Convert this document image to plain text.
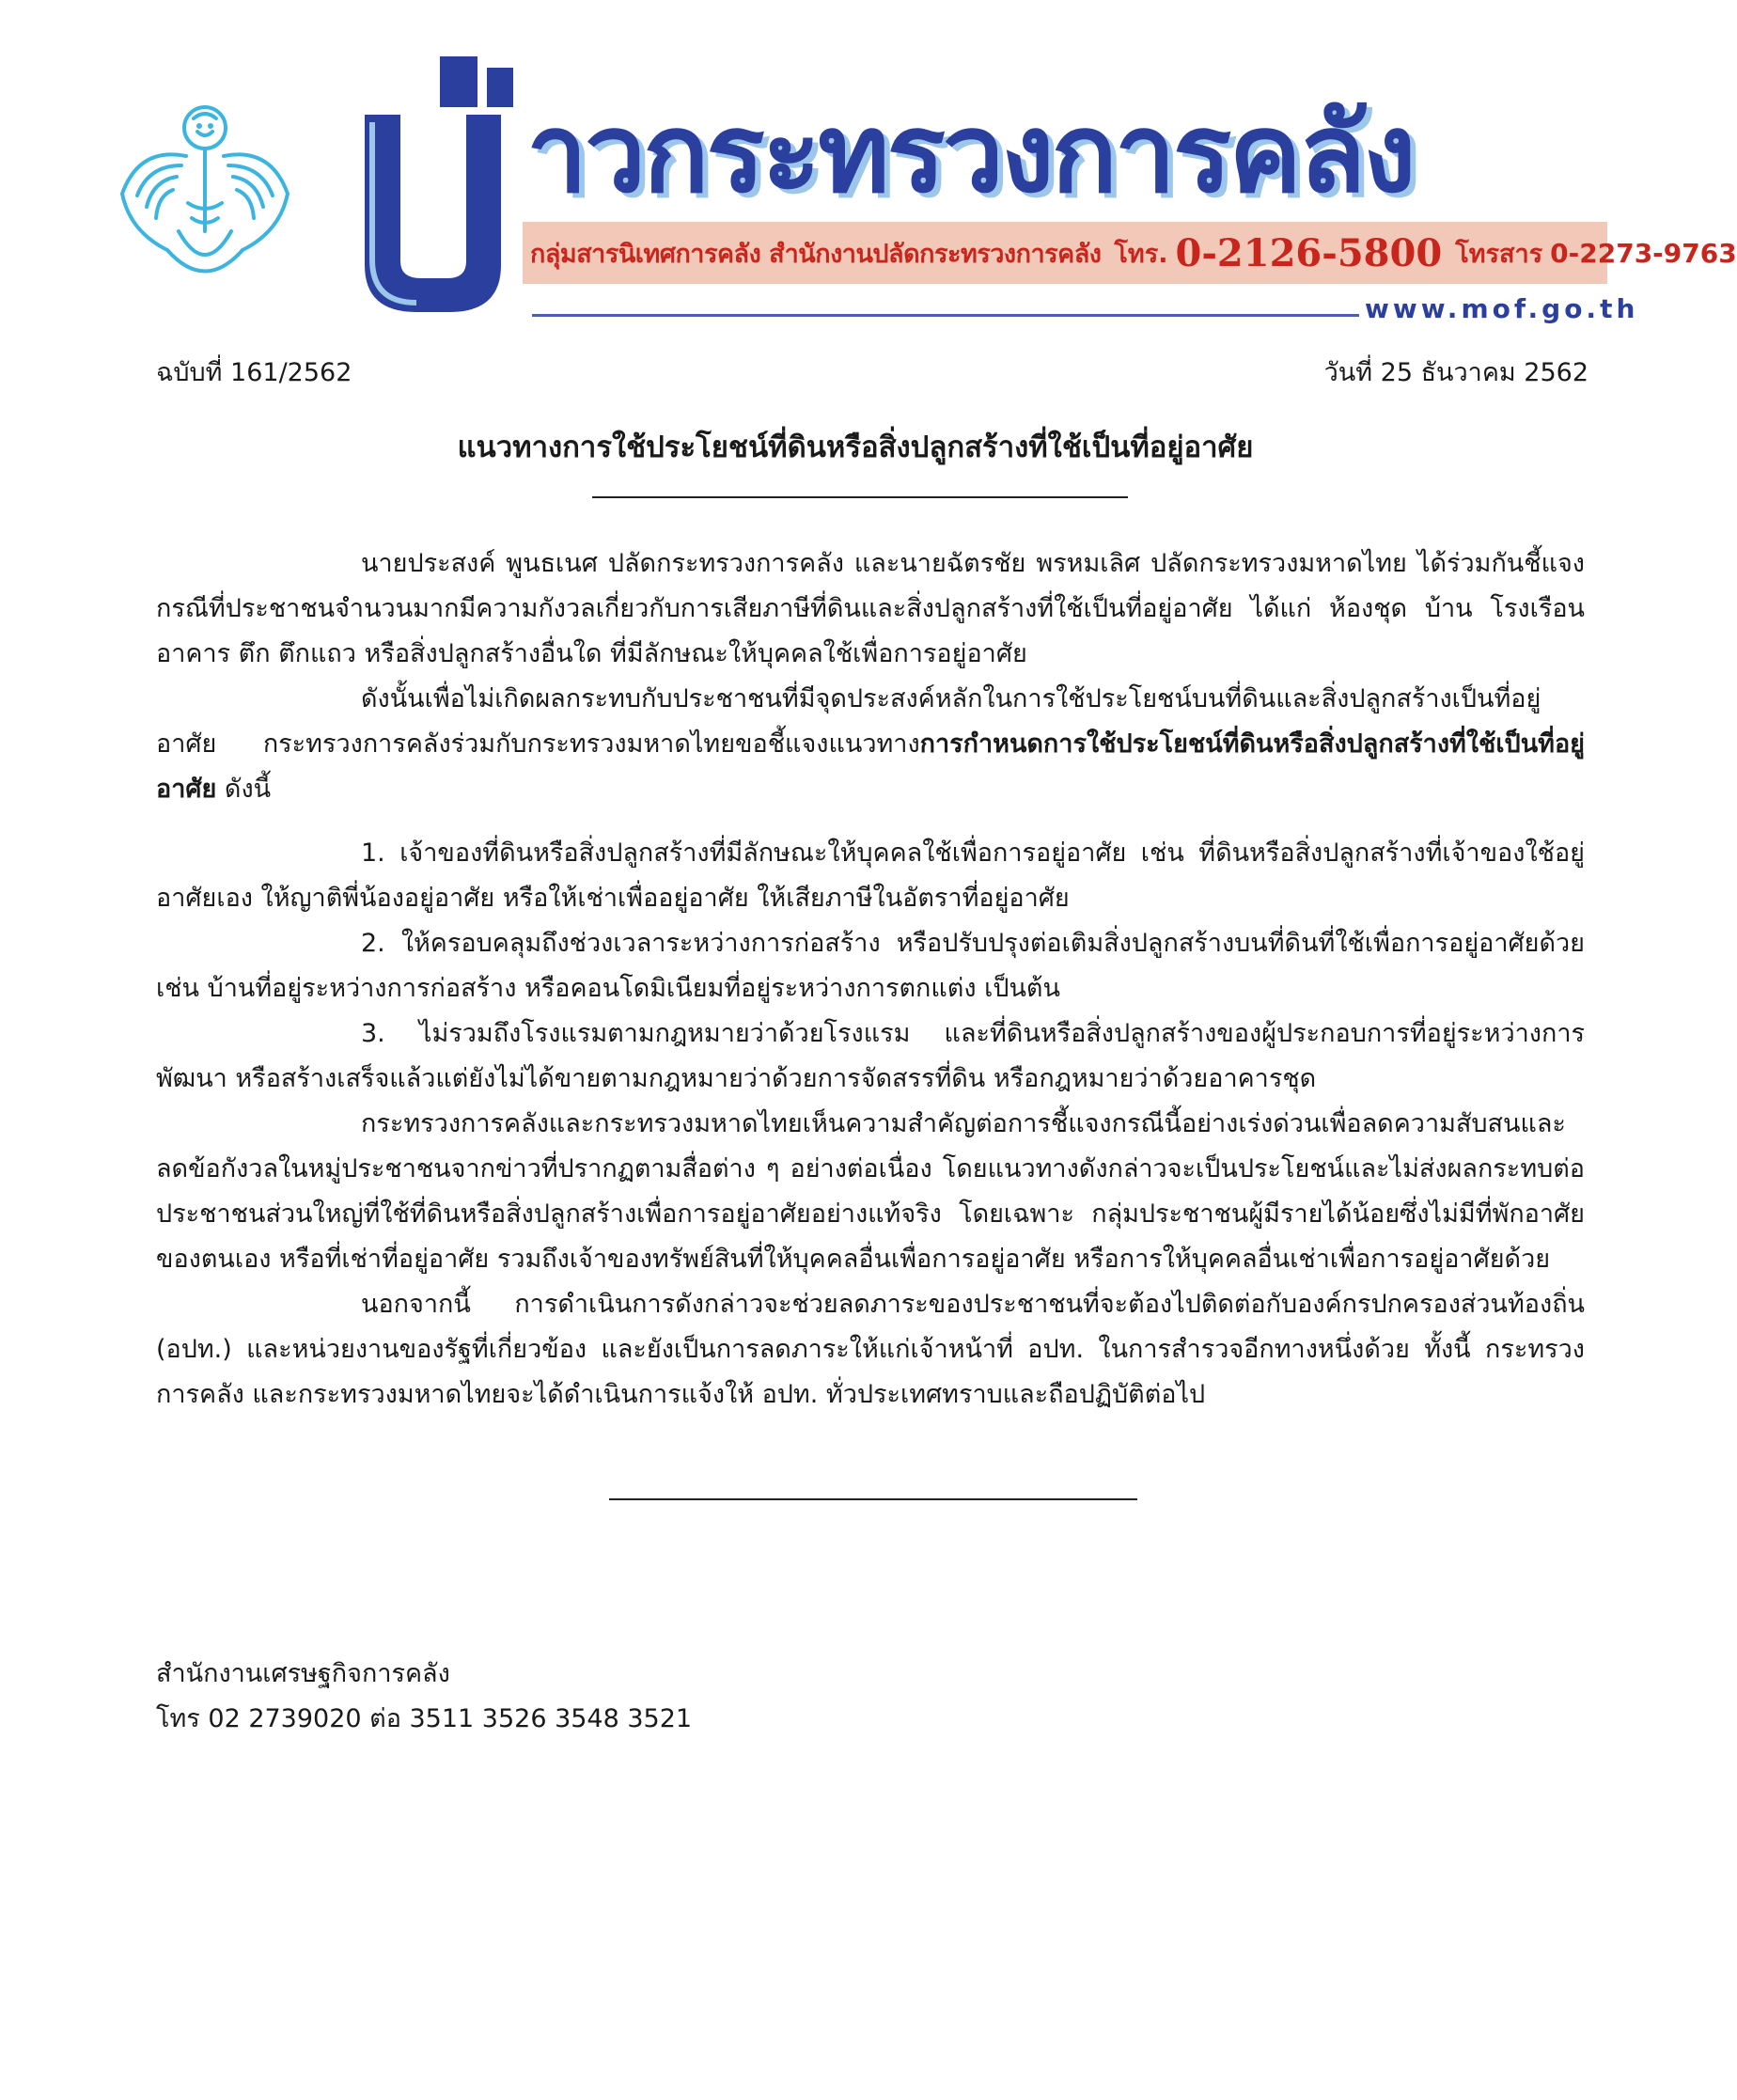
าวกระทรวงการคลัง
กลุ่มสารนิเทศการคลัง สำนักงานปลัดกระทรวงการคลัง โทร. 0-2126-5800 โทรสาร 0-2273-9763
www.mof.go.th
ฉบับที่ 161/2562	วันที่ 25 ธันวาคม 2562
แนวทางการใช้ประโยชน์ที่ดินหรือสิ่งปลูกสร้างที่ใช้เป็นที่อยู่อาศัย

นายประสงค์ พูนธเนศ ปลัดกระทรวงการคลัง และนายฉัตรชัย พรหมเลิศ ปลัดกระทรวงมหาดไทย ได้ร่วมกันชี้แจง กรณีที่ประชาชนจำนวนมากมีความกังวลเกี่ยวกับการเสียภาษีที่ดินและสิ่งปลูกสร้างที่ใช้เป็นที่อยู่อาศัย ได้แก่ ห้องชุด บ้าน โรงเรือน อาคาร ตึก ตึกแถว หรือสิ่งปลูกสร้างอื่นใด ที่มีลักษณะให้บุคคลใช้เพื่อการอยู่อาศัย

ดังนั้นเพื่อไม่เกิดผลกระทบกับประชาชนที่มีจุดประสงค์หลักในการใช้ประโยชน์บนที่ดินและสิ่งปลูกสร้างเป็นที่อยู่อาศัย กระทรวงการคลังร่วมกับกระทรวงมหาดไทยขอชี้แจงแนวทางการกำหนดการใช้ประโยชน์ที่ดินหรือสิ่งปลูกสร้างที่ใช้เป็นที่อยู่อาศัย ดังนี้

1. เจ้าของที่ดินหรือสิ่งปลูกสร้างที่มีลักษณะให้บุคคลใช้เพื่อการอยู่อาศัย เช่น ที่ดินหรือสิ่งปลูกสร้างที่เจ้าของใช้อยู่อาศัยเอง ให้ญาติพี่น้องอยู่อาศัย หรือให้เช่าเพื่ออยู่อาศัย ให้เสียภาษีในอัตราที่อยู่อาศัย

2. ให้ครอบคลุมถึงช่วงเวลาระหว่างการก่อสร้าง หรือปรับปรุงต่อเติมสิ่งปลูกสร้างบนที่ดินที่ใช้เพื่อการอยู่อาศัยด้วย เช่น บ้านที่อยู่ระหว่างการก่อสร้าง หรือคอนโดมิเนียมที่อยู่ระหว่างการตกแต่ง เป็นต้น

3. ไม่รวมถึงโรงแรมตามกฎหมายว่าด้วยโรงแรม และที่ดินหรือสิ่งปลูกสร้างของผู้ประกอบการที่อยู่ระหว่างการพัฒนา หรือสร้างเสร็จแล้วแต่ยังไม่ได้ขายตามกฎหมายว่าด้วยการจัดสรรที่ดิน หรือกฎหมายว่าด้วยอาคารชุด

กระทรวงการคลังและกระทรวงมหาดไทยเห็นความสำคัญต่อการชี้แจงกรณีนี้อย่างเร่งด่วนเพื่อลดความสับสนและลดข้อกังวลในหมู่ประชาชนจากข่าวที่ปรากฏตามสื่อต่าง ๆ อย่างต่อเนื่อง โดยแนวทางดังกล่าวจะเป็นประโยชน์และไม่ส่งผลกระทบต่อประชาชนส่วนใหญ่ที่ใช้ที่ดินหรือสิ่งปลูกสร้างเพื่อการอยู่อาศัยอย่างแท้จริง โดยเฉพาะ กลุ่มประชาชนผู้มีรายได้น้อยซึ่งไม่มีที่พักอาศัยของตนเอง หรือที่เช่าที่อยู่อาศัย รวมถึงเจ้าของทรัพย์สินที่ให้บุคคลอื่นเพื่อการอยู่อาศัย หรือการให้บุคคลอื่นเช่าเพื่อการอยู่อาศัยด้วย

นอกจากนี้ การดำเนินการดังกล่าวจะช่วยลดภาระของประชาชนที่จะต้องไปติดต่อกับองค์กรปกครองส่วนท้องถิ่น (อปท.) และหน่วยงานของรัฐที่เกี่ยวข้อง และยังเป็นการลดภาระให้แก่เจ้าหน้าที่ อปท. ในการสำรวจอีกทางหนึ่งด้วย ทั้งนี้ กระทรวงการคลัง และกระทรวงมหาดไทยจะได้ดำเนินการแจ้งให้ อปท. ทั่วประเทศทราบและถือปฏิบัติต่อไป

สำนักงานเศรษฐกิจการคลัง
โทร 02 2739020 ต่อ 3511 3526 3548 3521
